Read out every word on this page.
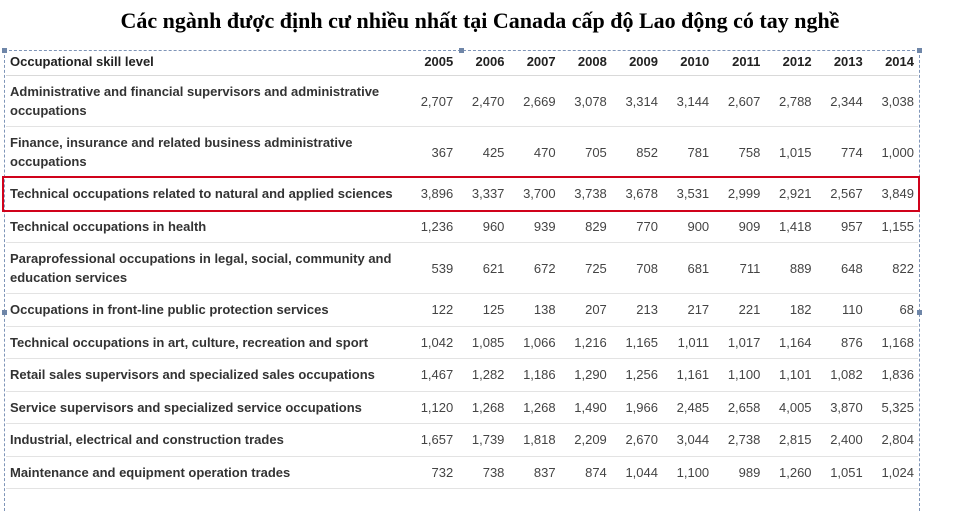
Các ngành được định cư nhiều nhất tại Canada cấp độ Lao động có tay nghề
Occupational skill level	2005	2006	2007	2008	2009	2010	2011	2012	2013	2014
Administrative and financial supervisors and administrative occupations	2,707	2,470	2,669	3,078	3,314	3,144	2,607	2,788	2,344	3,038
Finance, insurance and related business administrative occupations	367	425	470	705	852	781	758	1,015	774	1,000
Technical occupations related to natural and applied sciences	3,896	3,337	3,700	3,738	3,678	3,531	2,999	2,921	2,567	3,849
Technical occupations in health	1,236	960	939	829	770	900	909	1,418	957	1,155
Paraprofessional occupations in legal, social, community and education services	539	621	672	725	708	681	711	889	648	822
Occupations in front-line public protection services	122	125	138	207	213	217	221	182	110	68
Technical occupations in art, culture, recreation and sport	1,042	1,085	1,066	1,216	1,165	1,011	1,017	1,164	876	1,168
Retail sales supervisors and specialized sales occupations	1,467	1,282	1,186	1,290	1,256	1,161	1,100	1,101	1,082	1,836
Service supervisors and specialized service occupations	1,120	1,268	1,268	1,490	1,966	2,485	2,658	4,005	3,870	5,325
Industrial, electrical and construction trades	1,657	1,739	1,818	2,209	2,670	3,044	2,738	2,815	2,400	2,804
Maintenance and equipment operation trades	732	738	837	874	1,044	1,100	989	1,260	1,051	1,024
